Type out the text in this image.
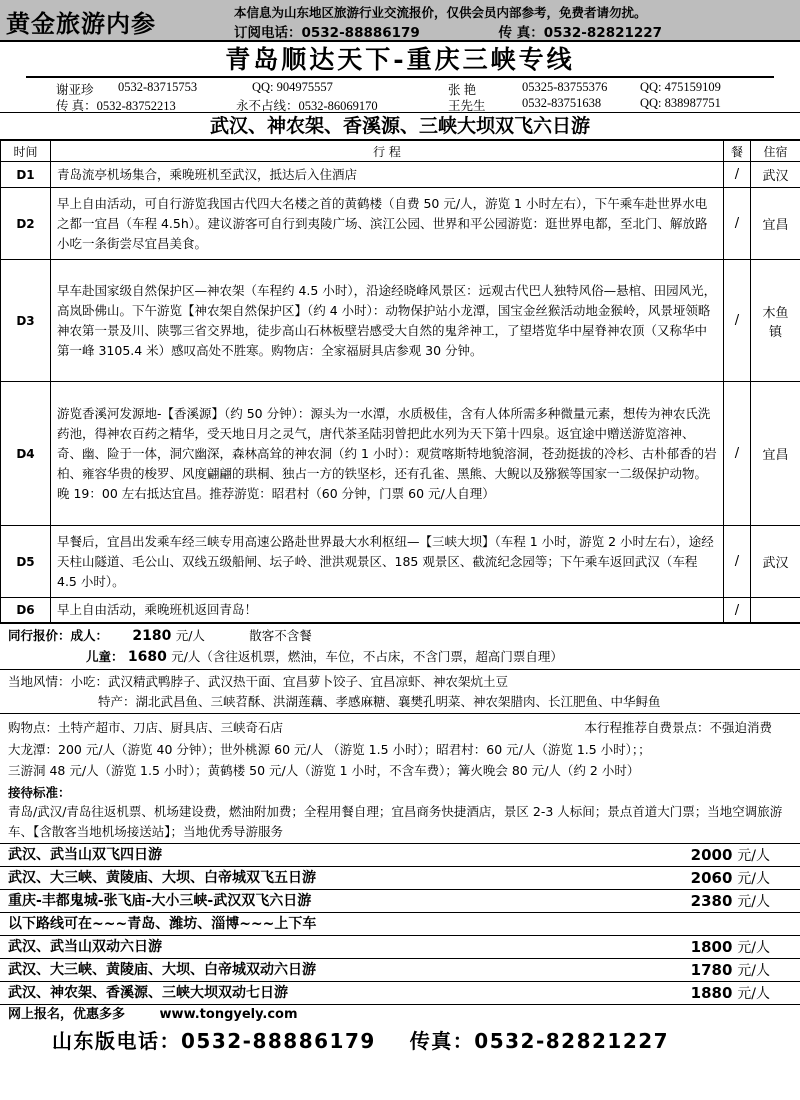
黄金旅游内参	本信息为山东地区旅游行业交流报价，仅供会员内部参考，免费者请勿扰。
订阅电话：0532-88886179	传 真：0532-82821227
青岛顺达天下-重庆三峡专线
谢亚珍 0532-83715753	QQ: 904975557	张 艳	05325-83755376	QQ: 475159109
传 真：0532-83752213	永不占线：0532-86069170	王先生	0532-83751638	QQ: 838987751
武汉、神农架、香溪源、三峡大坝双飞六日游
时间	行 程	餐	住宿
D1	青岛流亭机场集合，乘晚班机至武汉，抵达后入住酒店	/	武汉
D2	早上自由活动，可自行游览我国古代四大名楼之首的黄鹤楼（自费 50 元/人，游览 1 小时左右），下午乘车赴世界水电之都一宜昌（车程 4.5h）。建议游客可自行到夷陵广场、滨江公园、世界和平公园游览：逛世界电都，至北门、解放路小吃一条街尝尽宜昌美食。	/	宜昌
D3	早车赴国家级自然保护区—神农架（车程约 4.5 小时），沿途经晓峰风景区：远观古代巴人独特风俗—悬棺、田园风光，高岚卧佛山。下午游览【神农架自然保护区】（约 4 小时）：动物保护站小龙潭，国宝金丝猴活动地金猴岭，风景垭领略神农第一景及川、陕鄂三省交界地，徒步高山石林板壁岩感受大自然的鬼斧神工，了望塔览华中屋脊神农顶（又称华中第一峰 3105.4 米）感叹高处不胜寒。购物店：全家福厨具店参观 30 分钟。	/	木鱼镇
D4	游览香溪河发源地-【香溪源】（约 50 分钟）：源头为一水潭，水质极佳，含有人体所需多种微量元素，想传为神农氏洗药池，得神农百药之精华，受天地日月之灵气，唐代茶圣陆羽曾把此水列为天下第十四泉。返宜途中赠送游览溶神、奇、幽、险于一体，洞穴幽深，森林高耸的神农洞（约 1 小时）：观赏喀斯特地貌溶洞，苍劲挺拔的冷杉、古朴郁香的岩柏、雍容华贵的梭罗、风度翩翩的珙桐、独占一方的铁坚杉，还有孔雀、黑熊、大鲵以及猕猴等国家一二级保护动物。晚 19：00 左右抵达宜昌。推荐游览：昭君村（60 分钟，门票 60 元/人自理）	/	宜昌
D5	早餐后，宜昌出发乘车经三峡专用高速公路赴世界最大水利枢纽—【三峡大坝】（车程 1 小时，游览 2 小时左右），途经天柱山隧道、毛公山、双线五级船闸、坛子岭、泄洪观景区、185 观景区、截流纪念园等；下午乘车返回武汉（车程 4.5 小时）。	/	武汉
D6	早上自由活动，乘晚班机返回青岛！	/	
同行报价：成人： 2180 元/人	散客不含餐
儿童： 1680 元/人（含往返机票，燃油，车位，不占床，不含门票，超高门票自理）
当地风情：小吃：武汉精武鸭脖子、武汉热干面、宜昌萝卜饺子、宜昌凉虾、神农架炕土豆
特产：湖北武昌鱼、三峡苕酥、洪湖莲藕、孝感麻糖、襄樊孔明菜、神农架腊肉、长江肥鱼、中华鲟鱼
购物点：土特产超市、刀店、厨具店、三峡奇石店	本行程推荐自费景点：不强迫消费
大龙潭：200 元/人（游览 40 分钟）；世外桃源 60 元/人 （游览 1.5 小时）；昭君村：60 元/人（游览 1.5 小时）；；
三游洞 48 元/人（游览 1.5 小时）；黄鹤楼 50 元/人（游览 1 小时，不含车费）；篝火晚会 80 元/人（约 2 小时）
接待标准：
青岛/武汉/青岛往返机票、机场建设费，燃油附加费；全程用餐自理；宜昌商务快捷酒店，景区 2-3 人标间；景点首道大门票；当地空调旅游车、【含散客当地机场接送站】；当地优秀导游服务
武汉、武当山双飞四日游	2000 元/人
武汉、大三峡、黄陵庙、大坝、白帝城双飞五日游	2060 元/人
重庆-丰都鬼城-张飞庙-大小三峡-武汉双飞六日游	2380 元/人
以下路线可在~~~青岛、潍坊、淄博~~~上下车
武汉、武当山双动六日游	1800 元/人
武汉、大三峡、黄陵庙、大坝、白帝城双动六日游	1780 元/人
武汉、神农架、香溪源、三峡大坝双动七日游	1880 元/人
网上报名，优惠多多	www.tongyely.com
山东版电话：0532-88886179 传真：0532-82821227
